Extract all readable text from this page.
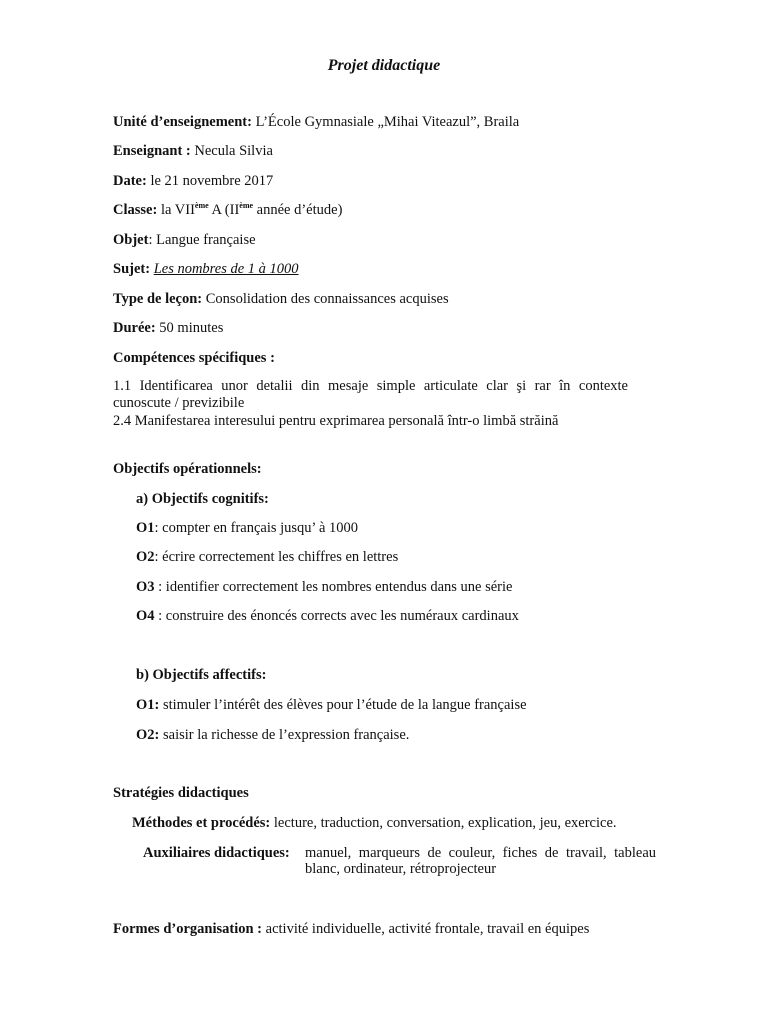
Projet didactique
Unité d’enseignement: L’École Gymnasiale „Mihai Viteazul”, Braila
Enseignant : Necula Silvia
Date: le 21 novembre 2017
Classe: la VIIème A (IIème année d’étude)
Objet: Langue française
Sujet: Les nombres de 1 à 1000
Type de leçon: Consolidation des connaissances acquises
Durée: 50 minutes
Compétences spécifiques :
1.1 Identificarea unor detalii din mesaje simple articulate clar şi rar în contexte
cunoscute / previzibile
2.4 Manifestarea interesului pentru exprimarea personală într-o limbă străină
Objectifs opérationnels:
a) Objectifs cognitifs:
O1: compter en français jusqu’ à 1000
O2: écrire correctement les chiffres en lettres
O3 : identifier correctement les nombres entendus dans une série
O4 : construire des énoncés corrects avec les numéraux cardinaux
b) Objectifs affectifs:
O1: stimuler l’intérêt des élèves pour l’étude de la langue française
O2: saisir la richesse de l’expression française.
Stratégies didactiques
Méthodes et procédés: lecture, traduction, conversation, explication, jeu, exercice.
Auxiliaires didactiques: manuel, marqueurs de couleur, fiches de travail, tableau
blanc, ordinateur, rétroprojecteur
Formes d’organisation : activité individuelle, activité frontale, travail en équipes
